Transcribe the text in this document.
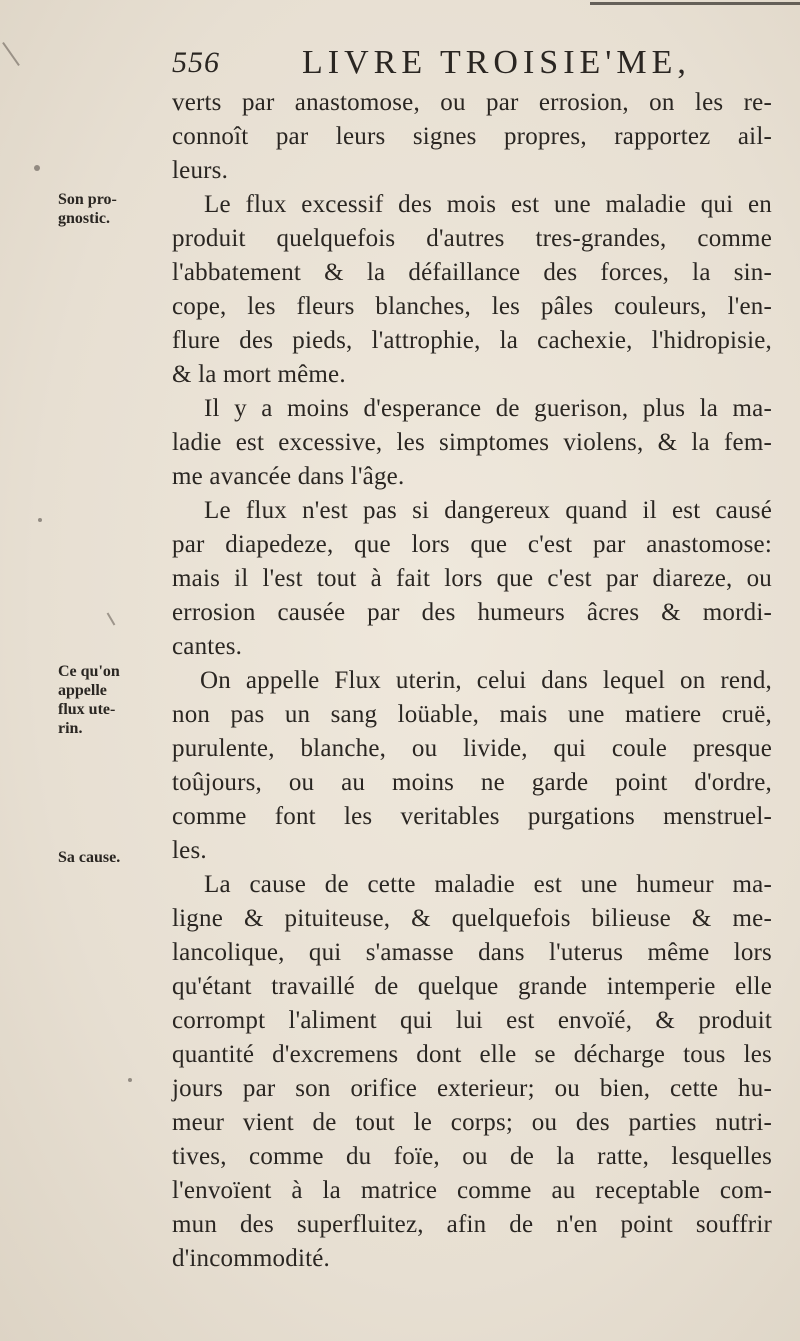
556 LIVRE TROISIE'ME,
Son pro-
gnostic.
Ce qu'on
appelle
flux ute-
rin.
Sa cause.
verts par anastomose, ou par errosion, on les re-
connoît par leurs signes propres, rapportez ail-
leurs.
Le flux excessif des mois est une maladie qui en
produit quelquefois d'autres tres-grandes, comme
l'abbatement & la défaillance des forces, la sin-
cope, les fleurs blanches, les pâles couleurs, l'en-
flure des pieds, l'attrophie, la cachexie, l'hidropisie,
& la mort même.
Il y a moins d'esperance de guerison, plus la ma-
ladie est excessive, les simptomes violens, & la fem-
me avancée dans l'âge.
Le flux n'est pas si dangereux quand il est causé
par diapedeze, que lors que c'est par anastomose:
mais il l'est tout à fait lors que c'est par diareze, ou
errosion causée par des humeurs âcres & mordi-
cantes.
On appelle Flux uterin, celui dans lequel on rend,
non pas un sang loüable, mais une matiere cruë,
purulente, blanche, ou livide, qui coule presque
toûjours, ou au moins ne garde point d'ordre,
comme font les veritables purgations menstruel-
les.
La cause de cette maladie est une humeur ma-
ligne & pituiteuse, & quelquefois bilieuse & me-
lancolique, qui s'amasse dans l'uterus même lors
qu'étant travaillé de quelque grande intemperie elle
corrompt l'aliment qui lui est envoïé, & produit
quantité d'excremens dont elle se décharge tous les
jours par son orifice exterieur; ou bien, cette hu-
meur vient de tout le corps; ou des parties nutri-
tives, comme du foïe, ou de la ratte, lesquelles
l'envoïent à la matrice comme au receptable com-
mun des superfluitez, afin de n'en point souffrir
d'incommodité.
